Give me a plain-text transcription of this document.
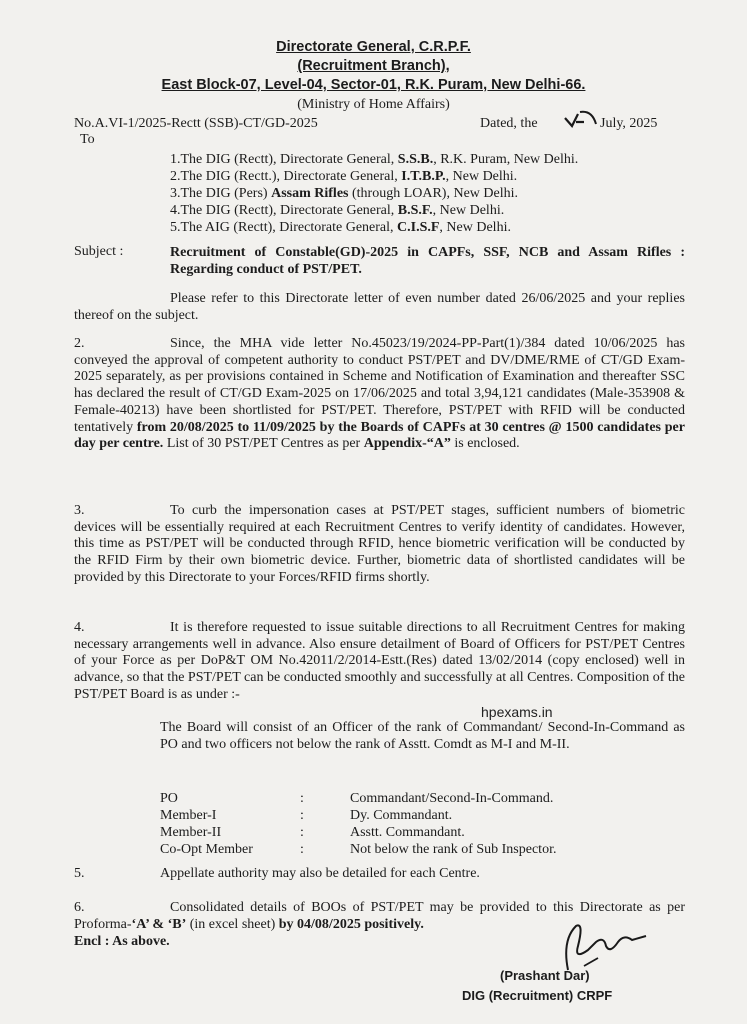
Directorate General, C.R.P.F.
(Recruitment Branch),
East Block-07, Level-04, Sector-01, R.K. Puram, New Delhi-66.
(Ministry of Home Affairs)
No.A.VI-1/2025-Rectt (SSB)-CT/GD-2025	Dated, the	July, 2025
To
1.The DIG (Rectt), Directorate General, S.S.B., R.K. Puram, New Delhi.
2.The DIG (Rectt.), Directorate General, I.T.B.P., New Delhi.
3.The DIG (Pers) Assam Rifles (through LOAR), New Delhi.
4.The DIG (Rectt), Directorate General, B.S.F., New Delhi.
5.The AIG (Rectt), Directorate General, C.I.S.F, New Delhi.
Subject :	Recruitment of Constable(GD)-2025 in CAPFs, SSF, NCB and Assam Rifles : Regarding conduct of PST/PET.
Please refer to this Directorate letter of even number dated 26/06/2025 and your replies thereof on the subject.
2.	Since, the MHA vide letter No.45023/19/2024-PP-Part(1)/384 dated 10/06/2025 has conveyed the approval of competent authority to conduct PST/PET and DV/DME/RME of CT/GD Exam-2025 separately, as per provisions contained in Scheme and Notification of Examination and thereafter SSC has declared the result of CT/GD Exam-2025 on 17/06/2025 and total 3,94,121 candidates (Male-353908 & Female-40213) have been shortlisted for PST/PET. Therefore, PST/PET with RFID will be conducted tentatively from 20/08/2025 to 11/09/2025 by the Boards of CAPFs at 30 centres @ 1500 candidates per day per centre. List of 30 PST/PET Centres as per Appendix-“A” is enclosed.
3.	To curb the impersonation cases at PST/PET stages, sufficient numbers of biometric devices will be essentially required at each Recruitment Centres to verify identity of candidates. However, this time as PST/PET will be conducted through RFID, hence biometric verification will be conducted by the RFID Firm by their own biometric device. Further, biometric data of shortlisted candidates will be provided by this Directorate to your Forces/RFID firms shortly.
4.	It is therefore requested to issue suitable directions to all Recruitment Centres for making necessary arrangements well in advance. Also ensure detailment of Board of Officers for PST/PET Centres of your Force as per DoP&T OM No.42011/2/2014-Estt.(Res) dated 13/02/2014 (copy enclosed) well in advance, so that the PST/PET can be conducted smoothly and successfully at all Centres. Composition of the PST/PET Board is as under :-
hpexams.in
The Board will consist of an Officer of the rank of Commandant/ Second-In-Command as PO and two officers not below the rank of Asstt. Comdt as M-I and M-II.
PO	:	Commandant/Second-In-Command.
Member-I	:	Dy. Commandant.
Member-II	:	Asstt. Commandant.
Co-Opt Member	:	Not below the rank of Sub Inspector.
5.	Appellate authority may also be detailed for each Centre.
6.	Consolidated details of BOOs of PST/PET may be provided to this Directorate as per Proforma-‘A’ & ‘B’ (in excel sheet) by 04/08/2025 positively.
Encl : As above.
(Prashant Dar)
DIG (Recruitment) CRPF
